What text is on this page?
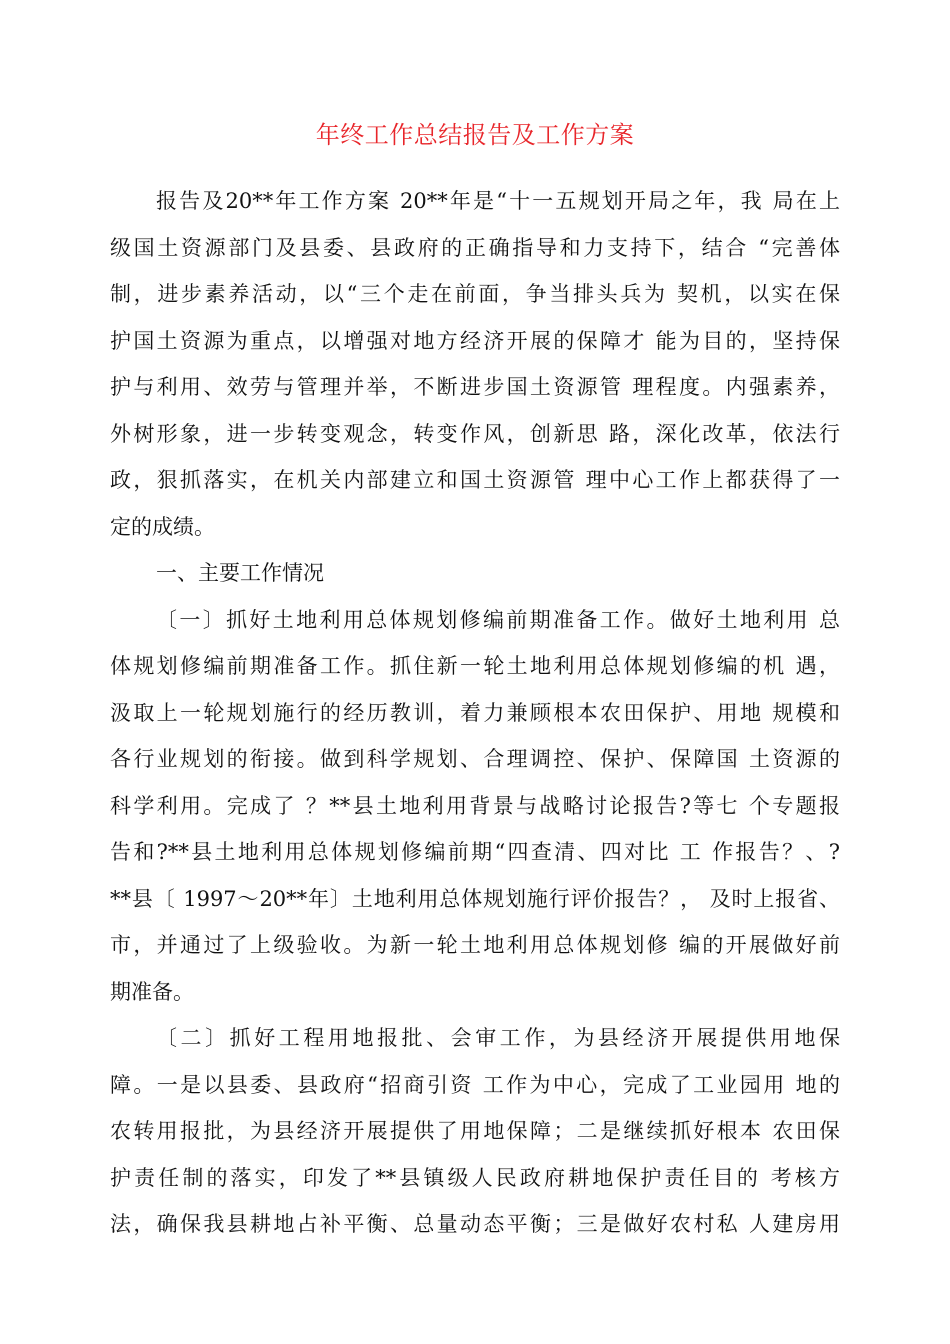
年终工作总结报告及工作方案
报告及20**年工作方案 20**年是“十一五规划开局之年，我 局在上
级国土资源部门及县委、县政府的正确指导和力支持下，结合 “完善体
制，进步素养活动，以“三个走在前面，争当排头兵为 契机，以实在保
护国土资源为重点，以增强对地方经济开展的保障才 能为目的，坚持保
护与利用、效劳与管理并举，不断进步国土资源管 理程度。内强素养，
外树形象，进一步转变观念，转变作风，创新思 路，深化改革，依法行
政，狠抓落实，在机关内部建立和国土资源管 理中心工作上都获得了一
定的成绩。
一、主要工作情况
〔一〕抓好土地利用总体规划修编前期准备工作。做好土地利用 总
体规划修编前期准备工作。抓住新一轮土地利用总体规划修编的机 遇，
汲取上一轮规划施行的经历教训，着力兼顾根本农田保护、用地 规模和
各行业规划的衔接。做到科学规划、合理调控、保护、保障国 土资源的
科学利用。完成了 ？**县土地利用背景与战略讨论报告?等七 个专题报
告和?**县土地利用总体规划修编前期“四查清、四对比 工 作报告？、?
**县〔 1997〜20**年〕土地利用总体规划施行评价报告？， 及时上报省、
市，并通过了上级验收。为新一轮土地利用总体规划修 编的开展做好前
期准备。
〔二〕抓好工程用地报批、会审工作，为县经济开展提供用地保
障。一是以县委、县政府“招商引资 工作为中心，完成了工业园用 地的
农转用报批，为县经济开展提供了用地保障；二是继续抓好根本 农田保
护责任制的落实，印发了**县镇级人民政府耕地保护责任目的 考核方
法，确保我县耕地占补平衡、总量动态平衡；三是做好农村私 人建房用
